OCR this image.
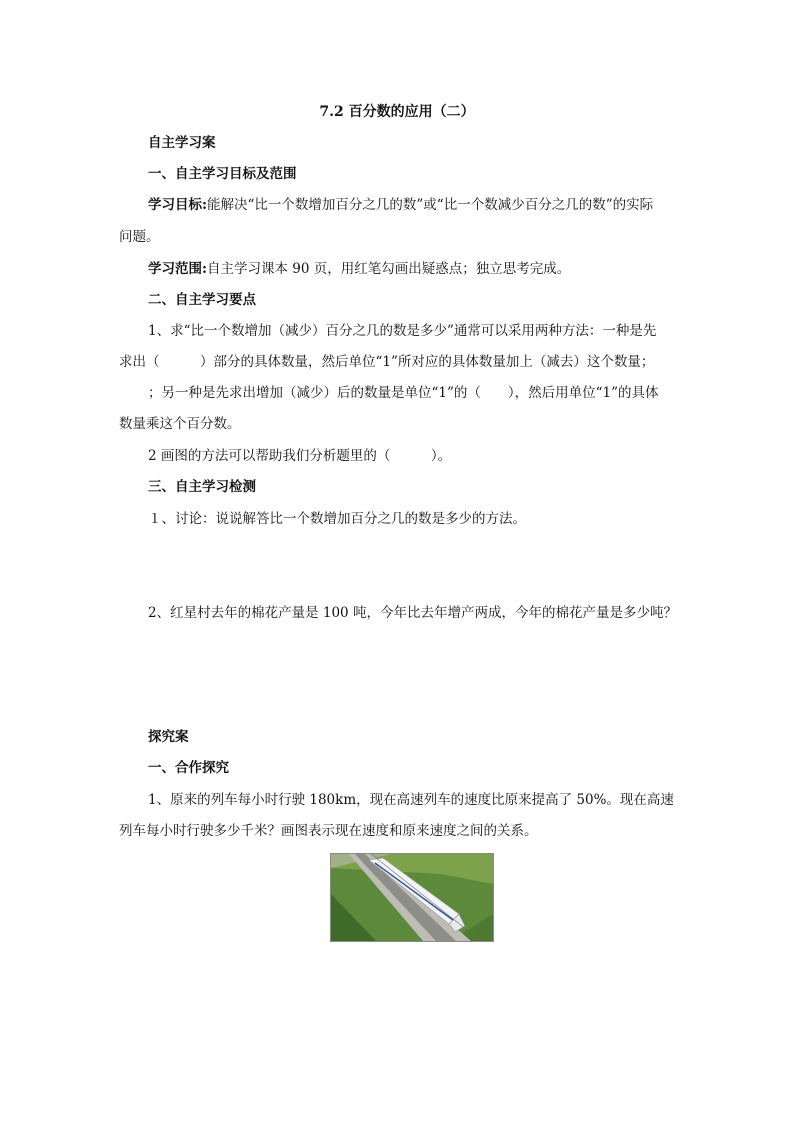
7.2 百分数的应用（二）
自主学习案
一、自主学习目标及范围
学习目标:能解决“比一个数增加百分之几的数”或“比一个数减少百分之几的数”的实际
问题。
学习范围:自主学习课本 90 页，用红笔勾画出疑惑点；独立思考完成。
二、自主学习要点
1、求“比一个数增加（减少）百分之几的数是多少”通常可以采用两种方法：一种是先
求出（　　　）部分的具体数量，然后单位“1”所对应的具体数量加上（减去）这个数量；
；另一种是先求出增加（减少）后的数量是单位“1”的（　　），然后用单位“1”的具体
数量乘这个百分数。
2 画图的方法可以帮助我们分析题里的（　　　）。
三、自主学习检测
１、讨论：说说解答比一个数增加百分之几的数是多少的方法。
2、红星村去年的棉花产量是 100 吨，今年比去年增产两成，今年的棉花产量是多少吨？
探究案
一、合作探究
1、原来的列车每小时行驶 180km，现在高速列车的速度比原来提高了 50%。现在高速
列车每小时行驶多少千米？画图表示现在速度和原来速度之间的关系。
